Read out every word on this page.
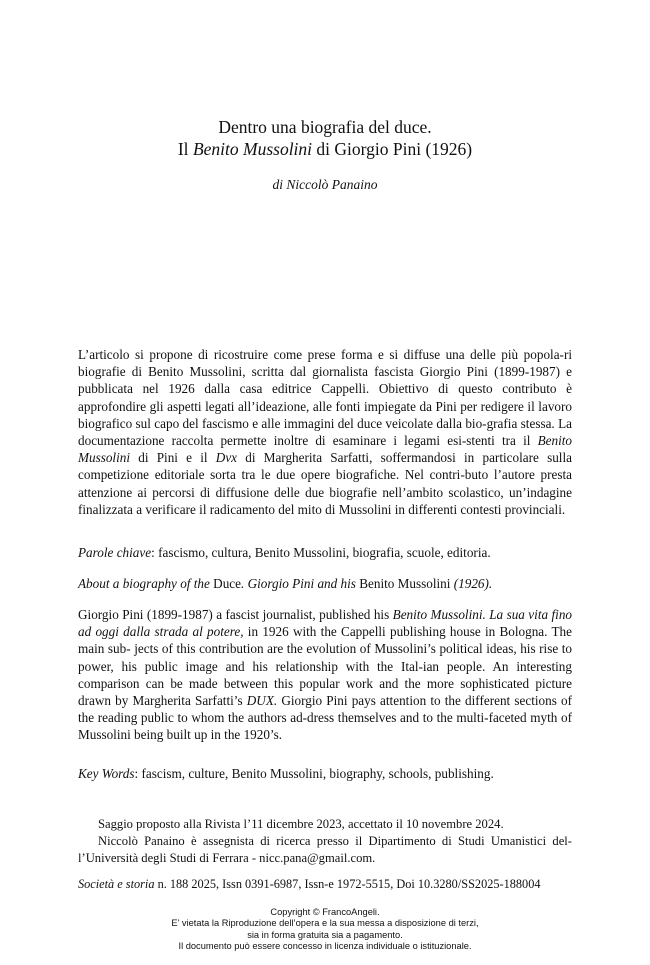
Dentro una biografia del duce.

Il Benito Mussolini di Giorgio Pini (1926)

di Niccolò Panaino

L’articolo si propone di ricostruire come prese forma e si diffuse una delle più popola-ri biografie di Benito Mussolini, scritta dal giornalista fascista Giorgio Pini (1899-1987) e pubblicata nel 1926 dalla casa editrice Cappelli. Obiettivo di questo contributo è approfondire gli aspetti legati all’ideazione, alle fonti impiegate da Pini per redigere il lavoro biografico sul capo del fascismo e alle immagini del duce veicolate dalla bio-grafia stessa. La documentazione raccolta permette inoltre di esaminare i legami esi-stenti tra il Benito Mussolini di Pini e il Dvx di Margherita Sarfatti, soffermandosi in particolare sulla competizione editoriale sorta tra le due opere biografiche. Nel contri-buto l’autore presta attenzione ai percorsi di diffusione delle due biografie nell’ambito scolastico, un’indagine finalizzata a verificare il radicamento del mito di Mussolini in differenti contesti provinciali.

Parole chiave: fascismo, cultura, Benito Mussolini, biografia, scuole, editoria.

About a biography of the Duce. Giorgio Pini and his Benito Mussolini (1926).

Giorgio Pini (1899-1987) a fascist journalist, published his Benito Mussolini. La sua vita fino ad oggi dalla strada al potere, in 1926 with the Cappelli publishing house in Bologna. The main sub- jects of this contribution are the evolution of Mussolini’s political ideas, his rise to power, his public image and his relationship with the Ital-ian people. An interesting comparison can be made between this popular work and the more sophisticated picture drawn by Margherita Sarfatti’s DUX. Giorgio Pini pays attention to the different sections of the reading public to whom the authors ad-dress themselves and to the multi-faceted myth of Mussolini being built up in the 1920’s.

Key Words: fascism, culture, Benito Mussolini, biography, schools, publishing.

Saggio proposto alla Rivista l’11 dicembre 2023, accettato il 10 novembre 2024.

Niccolò Panaino è assegnista di ricerca presso il Dipartimento di Studi Umanistici del-l’Università degli Studi di Ferrara - nicc.pana@gmail.com.

Società e storia n. 188 2025, Issn 0391-6987, Issn-e 1972-5515, Doi 10.3280/SS2025-188004

Copyright © FrancoAngeli.
E’ vietata la Riproduzione dell’opera e la sua messa a disposizione di terzi,
sia in forma gratuita sia a pagamento.
Il documento può essere concesso in licenza individuale o istituzionale.
